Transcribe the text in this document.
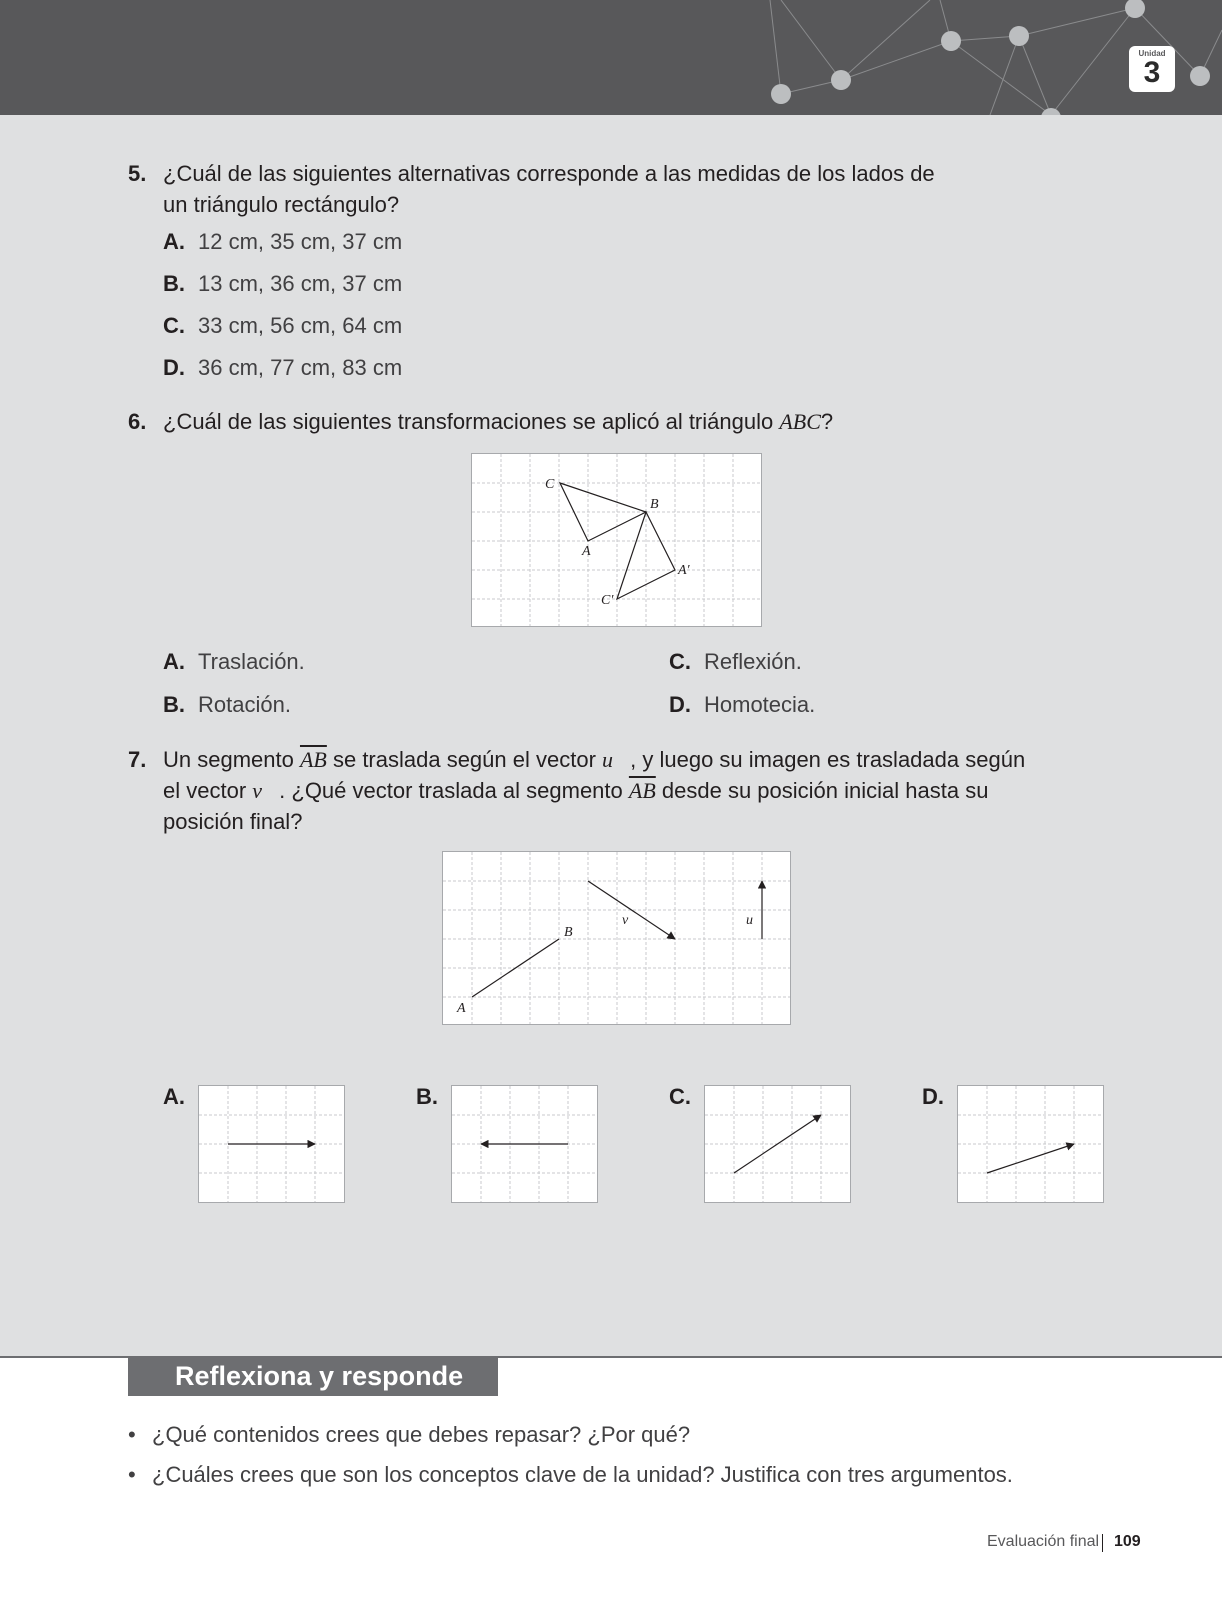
Unidad
3
5. ¿Cuál de las siguientes alternativas corresponde a las medidas de los lados de
un triángulo rectángulo?
A. 12 cm, 35 cm, 37 cm
B. 13 cm, 36 cm, 37 cm
C. 33 cm, 56 cm, 64 cm
D. 36 cm, 77 cm, 83 cm
6. ¿Cuál de las siguientes transformaciones se aplicó al triángulo ABC?
C
B
A
A′
C′
A. Traslación.
B. Rotación.
C. Reflexión.
D. Homotecia.
7. Un segmento $\overline{AB}$ se traslada según el vector u⃗, y luego su imagen es trasladada según
el vector v⃗. ¿Qué vector traslada al segmento $\overline{AB}$ desde su posición inicial hasta su
posición final?
A
B
v⃗	u⃗
A.	B.	C.	D.
Reflexiona y responde
• ¿Qué contenidos crees que debes repasar? ¿Por qué?
• ¿Cuáles crees que son los conceptos clave de la unidad? Justifica con tres argumentos.
Evaluación final 109
